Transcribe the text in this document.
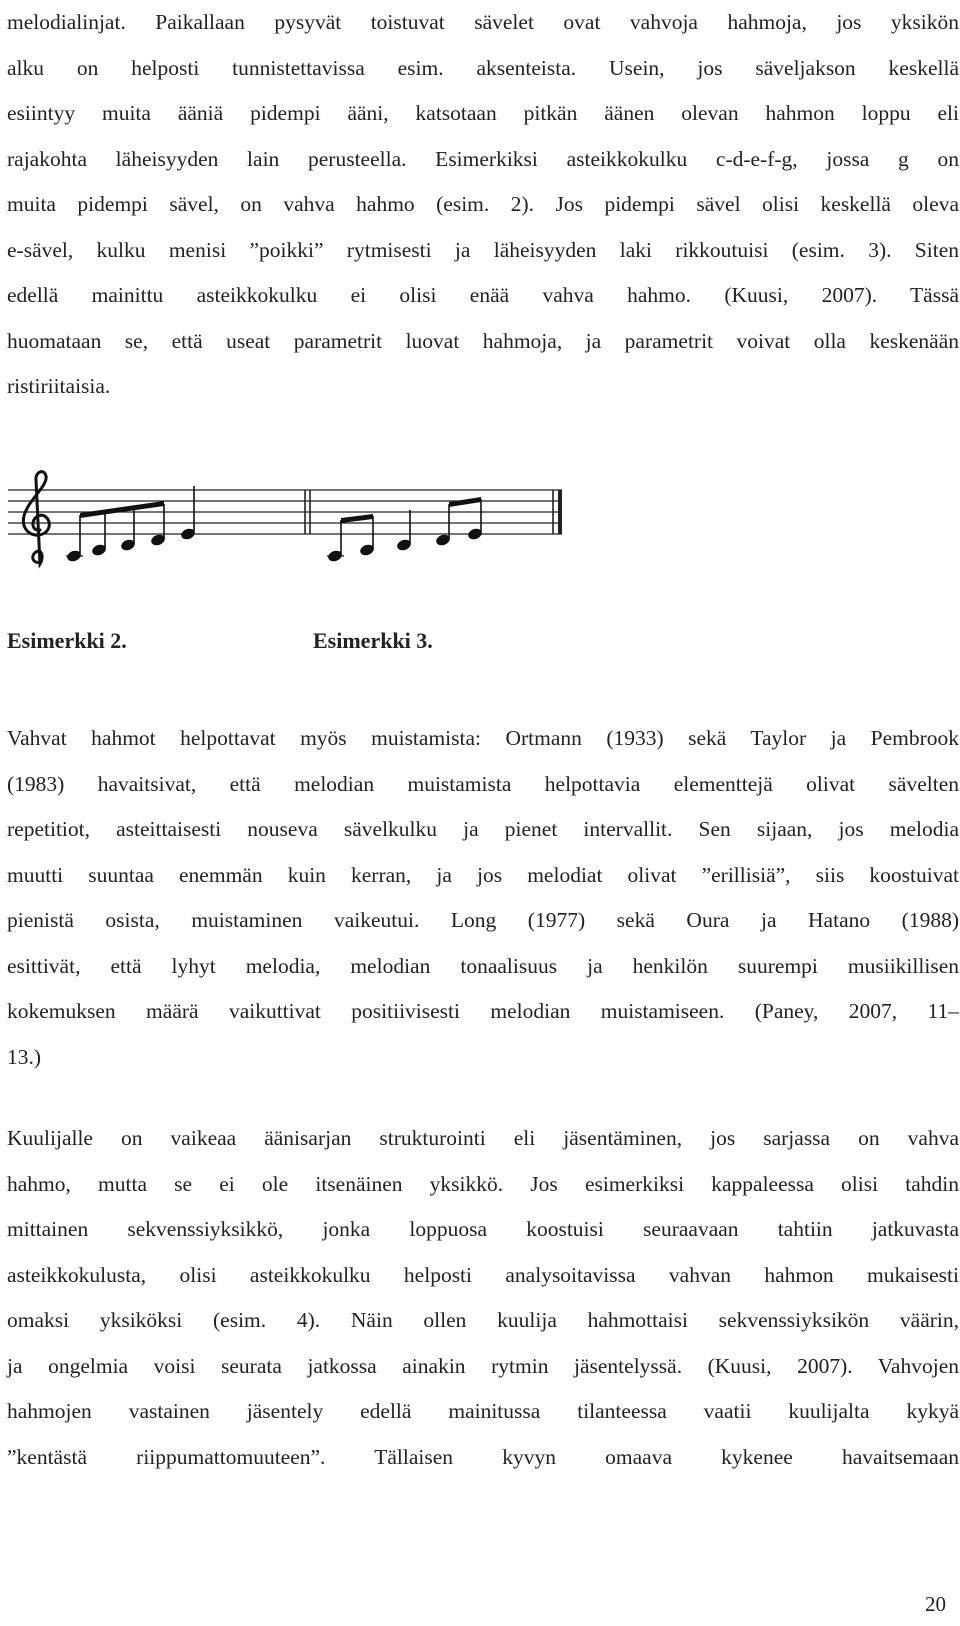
melodialinjat. Paikallaan pysyvät toistuvat sävelet ovat vahvoja hahmoja, jos yksikön
alku on helposti tunnistettavissa esim. aksenteista. Usein, jos säveljakson keskellä
esiintyy muita ääniä pidempi ääni, katsotaan pitkän äänen olevan hahmon loppu eli
rajakohta läheisyyden lain perusteella. Esimerkiksi asteikkokulku c-d-e-f-g, jossa g on
muita pidempi sävel, on vahva hahmo (esim. 2). Jos pidempi sävel olisi keskellä oleva
e-sävel, kulku menisi ”poikki” rytmisesti ja läheisyyden laki rikkoutuisi (esim. 3). Siten
edellä mainittu asteikkokulku ei olisi enää vahva hahmo. (Kuusi, 2007). Tässä
huomataan se, että useat parametrit luovat hahmoja, ja parametrit voivat olla keskenään
ristiriitaisia.
Esimerkki 2.	Esimerkki 3.
Vahvat hahmot helpottavat myös muistamista: Ortmann (1933) sekä Taylor ja Pembrook
(1983) havaitsivat, että melodian muistamista helpottavia elementtejä olivat sävelten
repetitiot, asteittaisesti nouseva sävelkulku ja pienet intervallit. Sen sijaan, jos melodia
muutti suuntaa enemmän kuin kerran, ja jos melodiat olivat ”erillisiä”, siis koostuivat
pienistä osista, muistaminen vaikeutui. Long (1977) sekä Oura ja Hatano (1988)
esittivät, että lyhyt melodia, melodian tonaalisuus ja henkilön suurempi musiikillisen
kokemuksen määrä vaikuttivat positiivisesti melodian muistamiseen. (Paney, 2007, 11–
13.)
Kuulijalle on vaikeaa äänisarjan strukturointi eli jäsentäminen, jos sarjassa on vahva
hahmo, mutta se ei ole itsenäinen yksikkö. Jos esimerkiksi kappaleessa olisi tahdin
mittainen sekvenssiyksikkö, jonka loppuosa koostuisi seuraavaan tahtiin jatkuvasta
asteikkokulusta, olisi asteikkokulku helposti analysoitavissa vahvan hahmon mukaisesti
omaksi yksiköksi (esim. 4). Näin ollen kuulija hahmottaisi sekvenssiyksikön väärin,
ja ongelmia voisi seurata jatkossa ainakin rytmin jäsentelyssä. (Kuusi, 2007). Vahvojen
hahmojen vastainen jäsentely edellä mainitussa tilanteessa vaatii kuulijalta kykyä
”kentästä riippumattomuuteen”. Tällaisen kyvyn omaava kykenee havaitsemaan
20
